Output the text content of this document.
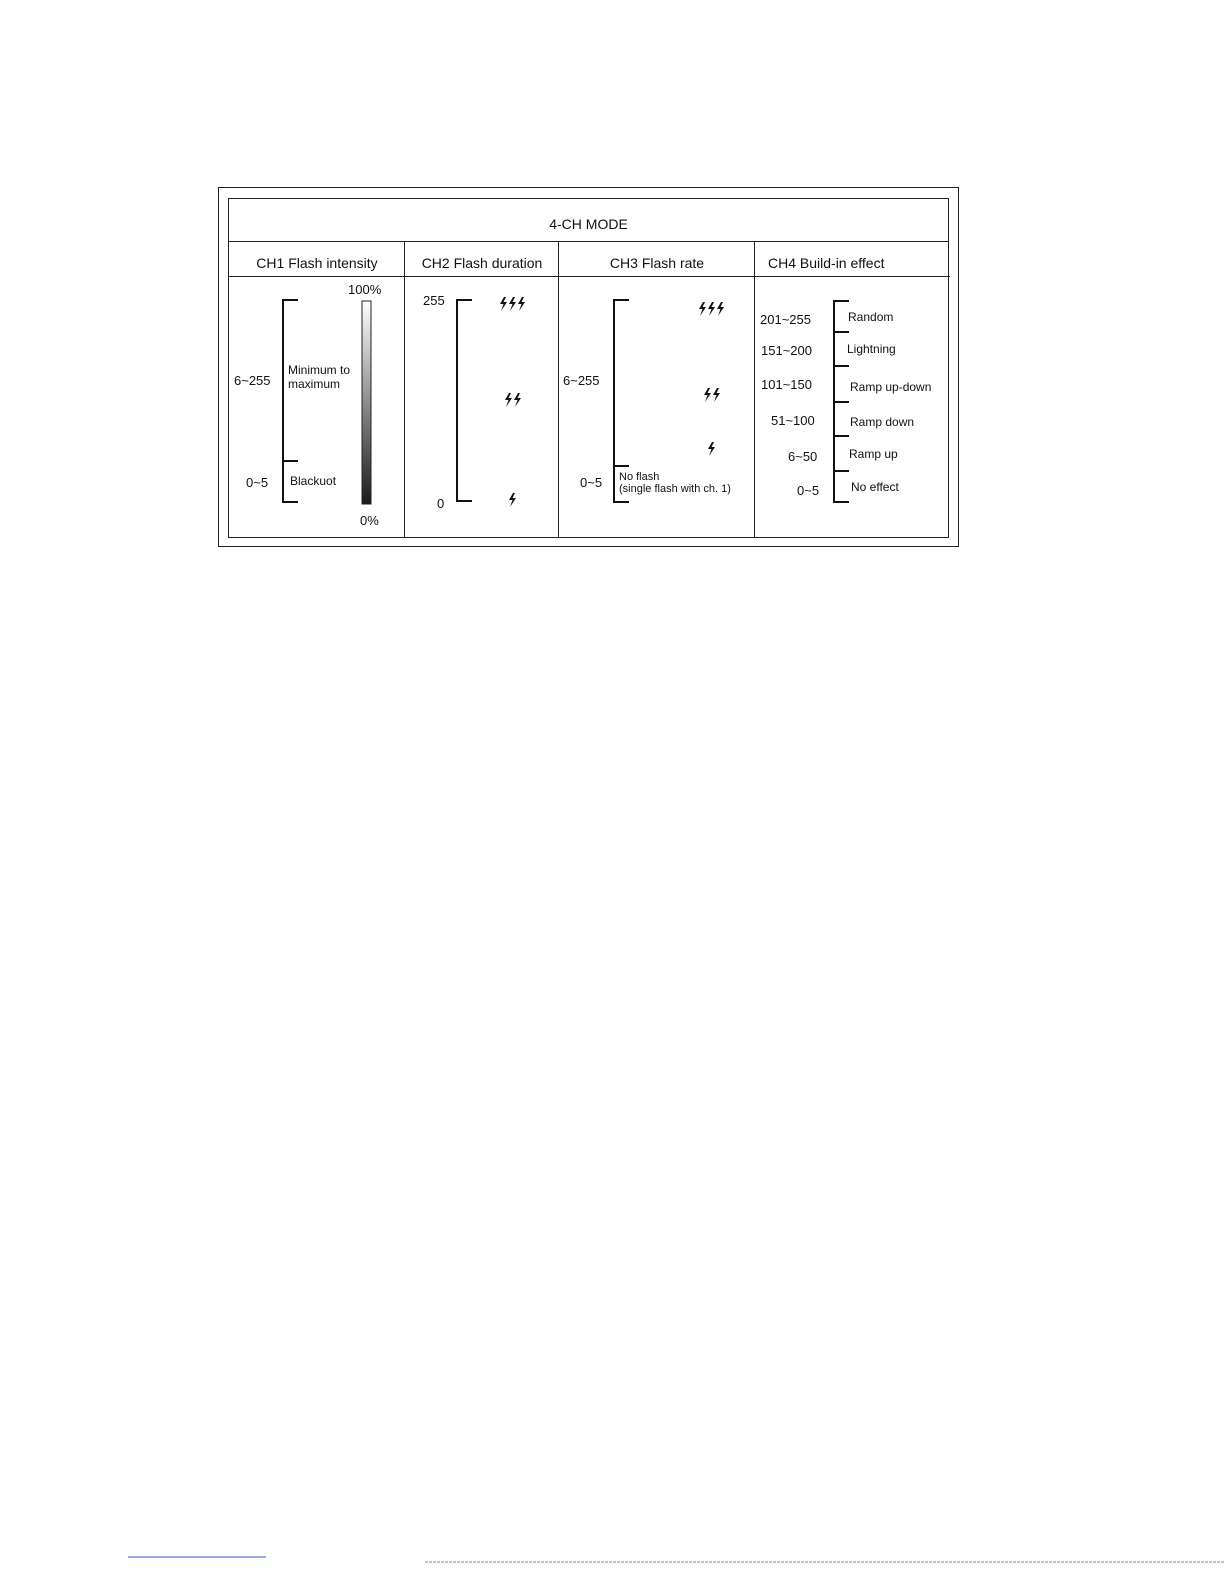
4-CH MODE
CH1 Flash intensity	CH2 Flash duration	CH3 Flash rate	CH4 Build-in effect
100%
6~255
Minimum to
maximum
0~5 Blackuot
0%
255
0
6~255
0~5 No flash
(single flash with ch. 1)
201~255	Random
151~200	Lightning
101~150	Ramp up-down
51~100	Ramp down
6~50	Ramp up
0~5	No effect
